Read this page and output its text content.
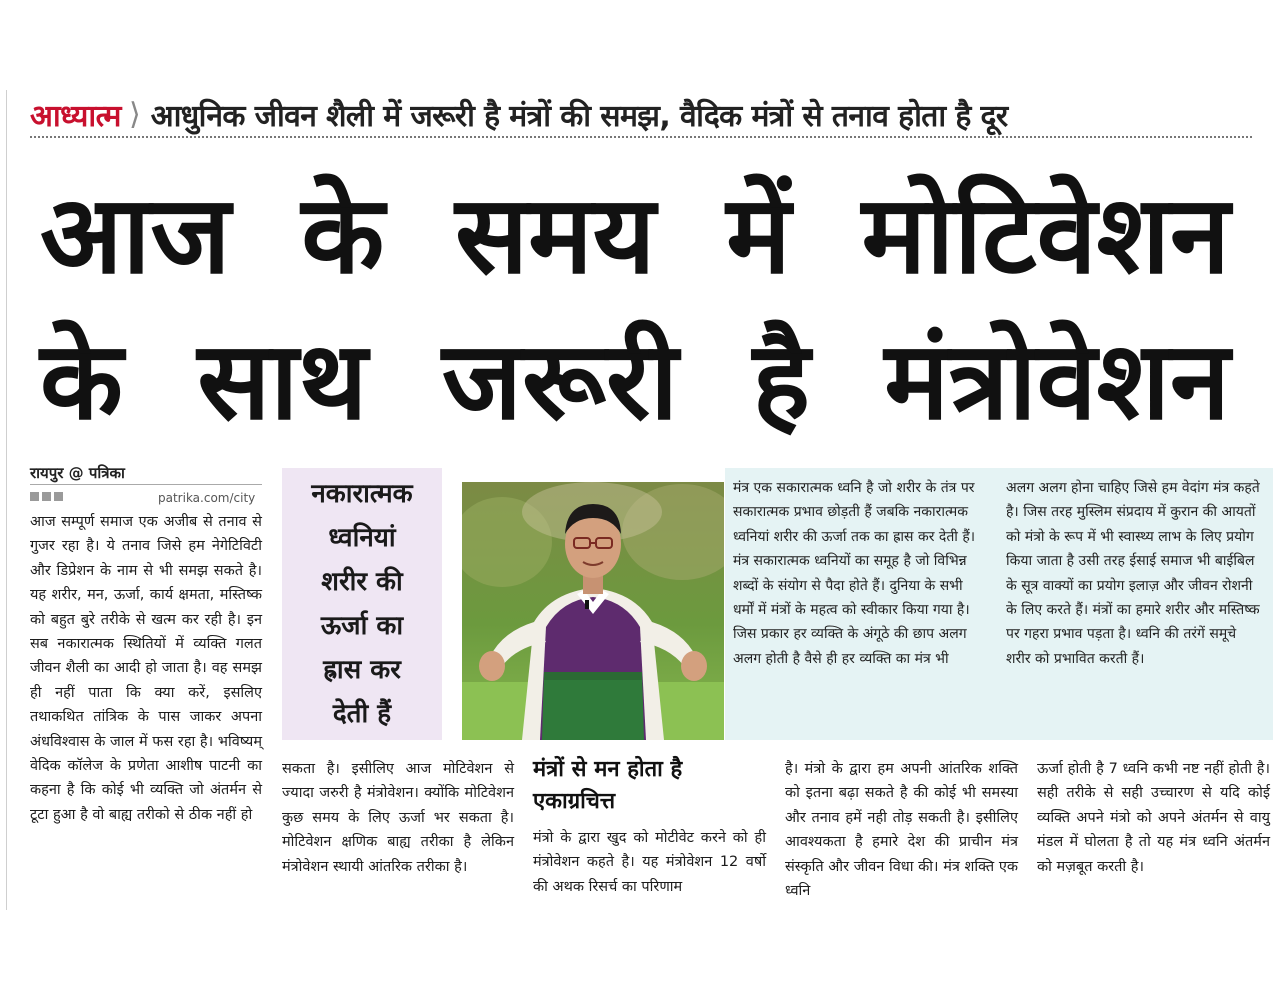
आध्यात्म ⟩ आधुनिक जीवन शैली में जरूरी है मंत्रों की समझ, वैदिक मंत्रों से तनाव होता है दूर
आज के समय में मोटिवेशन
के साथ जरूरी है मंत्रोवेशन
रायपुर @ पत्रिका
patrika.com/city

आज सम्पूर्ण समाज एक अजीब से तनाव से गुजर रहा है। ये तनाव जिसे हम नेगेटिविटी और डिप्रेशन के नाम से भी समझ सकते है। यह शरीर, मन, ऊर्जा, कार्य क्षमता, मस्तिष्क को बहुत बुरे तरीके से खत्म कर रही है। इन सब नकारात्मक स्थितियों में व्यक्ति गलत जीवन शैली का आदी हो जाता है। वह समझ ही नहीं पाता कि क्या करें, इसलिए तथाकथित तांत्रिक के पास जाकर अपना अंधविश्वास के जाल में फस रहा है। भविष्यम् वेदिक कॉलेज के प्रणेता आशीष पाटनी का कहना है कि कोई भी व्यक्ति जो अंतर्मन से टूटा हुआ है वो बाह्य तरीको से ठीक नहीं हो

नकारात्मक
ध्वनियां
शरीर की
ऊर्जा का
ह्रास कर
देती हैं

मंत्र एक सकारात्मक ध्वनि है जो शरीर के तंत्र पर सकारात्मक प्रभाव छोड़ती हैं जबकि नकारात्मक ध्वनियां शरीर की ऊर्जा तक का ह्रास कर देती हैं। मंत्र सकारात्मक ध्वनियों का समूह है जो विभिन्न शब्दों के संयोग से पैदा होते हैं। दुनिया के सभी धर्मों में मंत्रों के महत्व को स्वीकार किया गया है। जिस प्रकार हर व्यक्ति के अंगूठे की छाप अलग अलग होती है वैसे ही हर व्यक्ति का मंत्र भी

अलग अलग होना चाहिए जिसे हम वेदांग मंत्र कहते है। जिस तरह मुस्लिम संप्रदाय में कुरान की आयतों को मंत्रो के रूप में भी स्वास्थ्य लाभ के लिए प्रयोग किया जाता है उसी तरह ईसाई समाज भी बाईबिल के सूत्र वाक्यों का प्रयोग इलाज़ और जीवन रोशनी के लिए करते हैं। मंत्रों का हमारे शरीर और मस्तिष्क पर गहरा प्रभाव पड़ता है। ध्वनि की तरंगें समूचे शरीर को प्रभावित करती हैं।

सकता है। इसीलिए आज मोटिवेशन से ज्यादा जरुरी है मंत्रोवेशन। क्योंकि मोटिवेशन कुछ समय के लिए ऊर्जा भर सकता है। मोटिवेशन क्षणिक बाह्य तरीका है लेकिन मंत्रोवेशन स्थायी आंतरिक तरीका है।

मंत्रों से मन होता है एकाग्रचित्त

मंत्रो के द्वारा खुद को मोटीवेट करने को ही मंत्रोवेशन कहते है। यह मंत्रोवेशन 12 वर्षो की अथक रिसर्च का परिणाम

है। मंत्रो के द्वारा हम अपनी आंतरिक शक्ति को इतना बढ़ा सकते है की कोई भी समस्या और तनाव हमें नही तोड़ सकती है। इसीलिए आवश्यकता है हमारे देश की प्राचीन मंत्र संस्कृति और जीवन विधा की। मंत्र शक्ति एक ध्वनि

ऊर्जा होती है 7 ध्वनि कभी नष्ट नहीं होती है। सही तरीके से सही उच्चारण से यदि कोई व्यक्ति अपने मंत्रो को अपने अंतर्मन से वायु मंडल में घोलता है तो यह मंत्र ध्वनि अंतर्मन को मज़बूत करती है।
